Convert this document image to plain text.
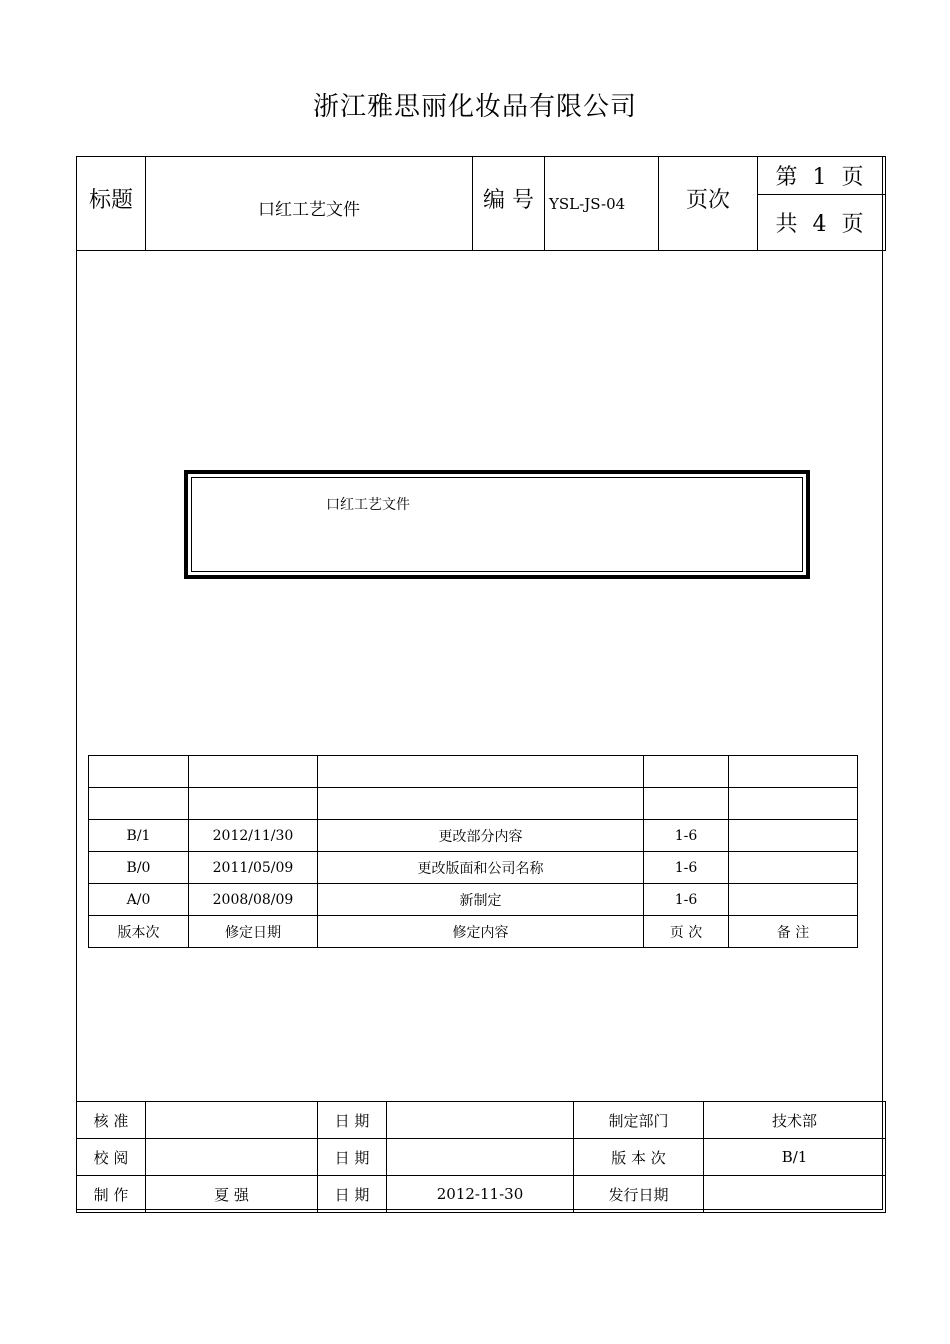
浙江雅思丽化妆品有限公司
标题	口红工艺文件	编 号	YSL-JS-04	页次	第 1 页
共 4 页
口红工艺文件

B/1	2012/11/30	更改部分内容	1-6	
B/0	2011/05/09	更改版面和公司名称	1-6	
A/0	2008/08/09	新制定	1-6	
版本次	修定日期	修定内容	页 次	备 注
核 准		日 期		制定部门	技术部
校 阅		日 期		版 本 次	B/1
制 作	夏 强	日 期	2012-11-30	发行日期	
